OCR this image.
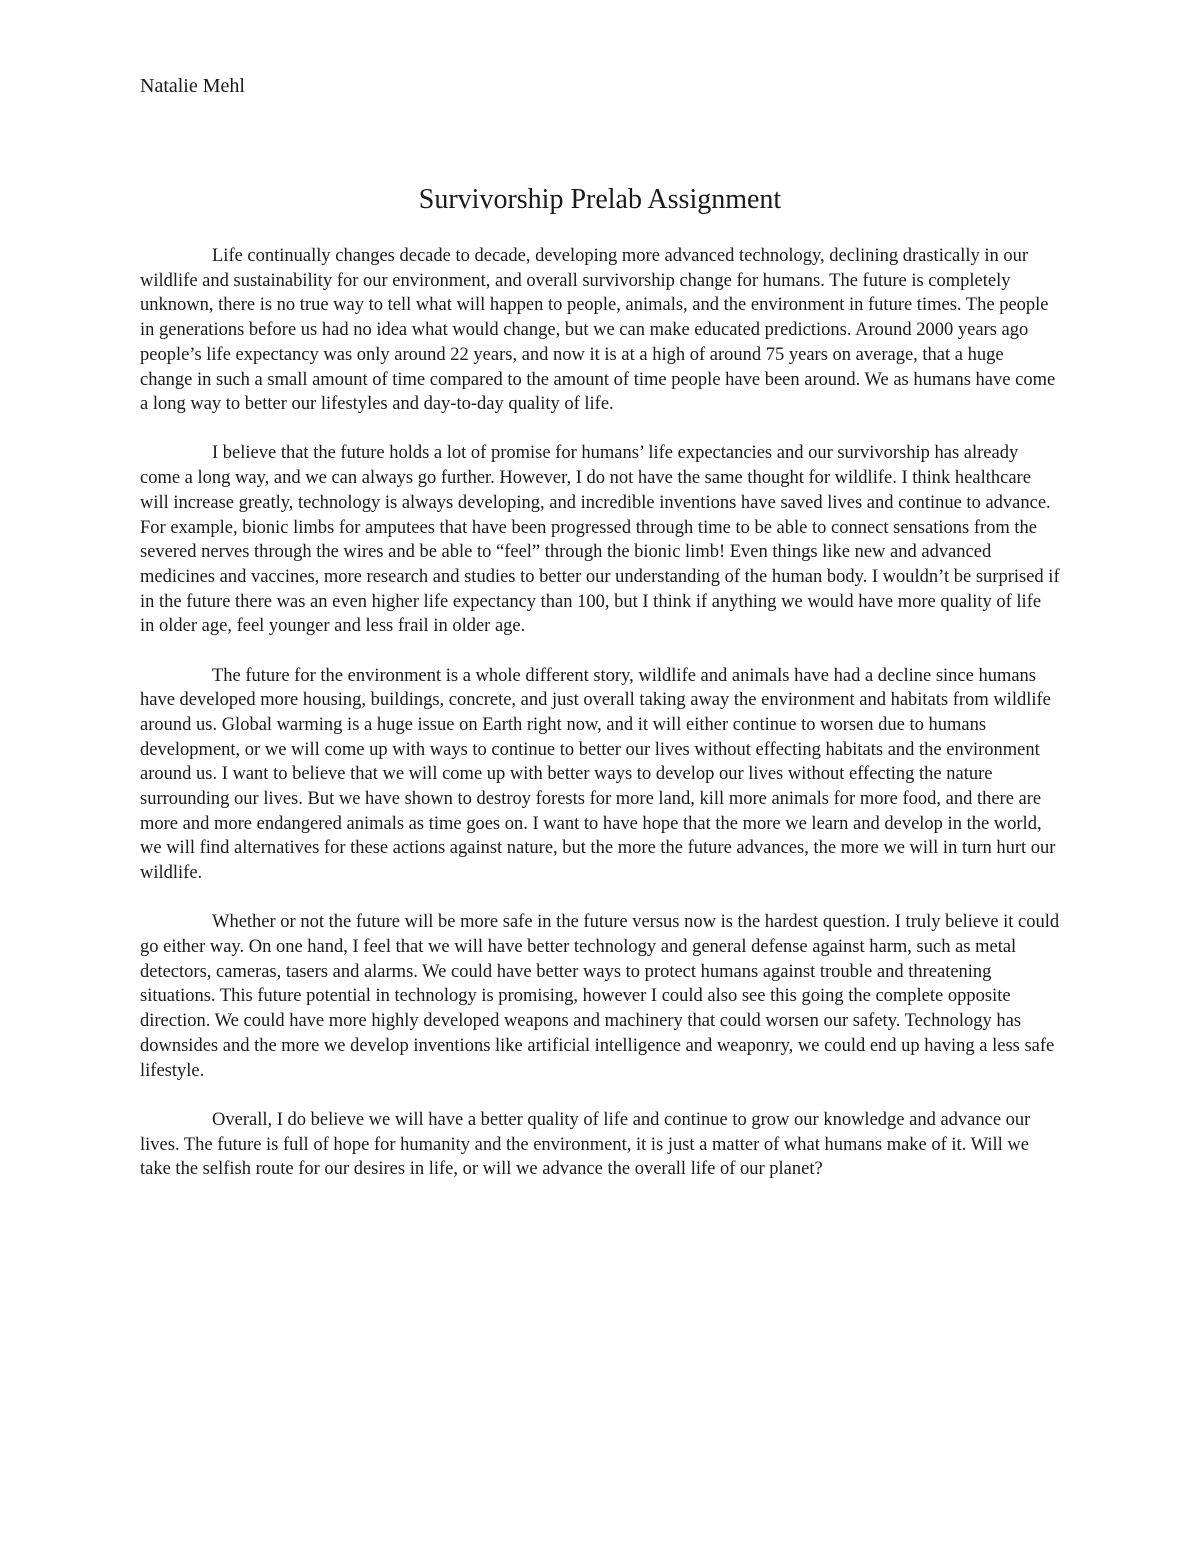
Natalie Mehl

Survivorship Prelab Assignment

Life continually changes decade to decade, developing more advanced technology, declining drastically in our wildlife and sustainability for our environment, and overall survivorship change for humans. The future is completely unknown, there is no true way to tell what will happen to people, animals, and the environment in future times. The people in generations before us had no idea what would change, but we can make educated predictions. Around 2000 years ago people’s life expectancy was only around 22 years, and now it is at a high of around 75 years on average, that a huge change in such a small amount of time compared to the amount of time people have been around. We as humans have come a long way to better our lifestyles and day-to-day quality of life.

I believe that the future holds a lot of promise for humans’ life expectancies and our survivorship has already come a long way, and we can always go further. However, I do not have the same thought for wildlife. I think healthcare will increase greatly, technology is always developing, and incredible inventions have saved lives and continue to advance. For example, bionic limbs for amputees that have been progressed through time to be able to connect sensations from the severed nerves through the wires and be able to “feel” through the bionic limb! Even things like new and advanced medicines and vaccines, more research and studies to better our understanding of the human body. I wouldn’t be surprised if in the future there was an even higher life expectancy than 100, but I think if anything we would have more quality of life in older age, feel younger and less frail in older age.

The future for the environment is a whole different story, wildlife and animals have had a decline since humans have developed more housing, buildings, concrete, and just overall taking away the environment and habitats from wildlife around us. Global warming is a huge issue on Earth right now, and it will either continue to worsen due to humans development, or we will come up with ways to continue to better our lives without effecting habitats and the environment around us. I want to believe that we will come up with better ways to develop our lives without effecting the nature surrounding our lives. But we have shown to destroy forests for more land, kill more animals for more food, and there are more and more endangered animals as time goes on. I want to have hope that the more we learn and develop in the world, we will find alternatives for these actions against nature, but the more the future advances, the more we will in turn hurt our wildlife.

Whether or not the future will be more safe in the future versus now is the hardest question. I truly believe it could go either way. On one hand, I feel that we will have better technology and general defense against harm, such as metal detectors, cameras, tasers and alarms. We could have better ways to protect humans against trouble and threatening situations. This future potential in technology is promising, however I could also see this going the complete opposite direction. We could have more highly developed weapons and machinery that could worsen our safety. Technology has downsides and the more we develop inventions like artificial intelligence and weaponry, we could end up having a less safe lifestyle.

Overall, I do believe we will have a better quality of life and continue to grow our knowledge and advance our lives. The future is full of hope for humanity and the environment, it is just a matter of what humans make of it. Will we take the selfish route for our desires in life, or will we advance the overall life of our planet?
